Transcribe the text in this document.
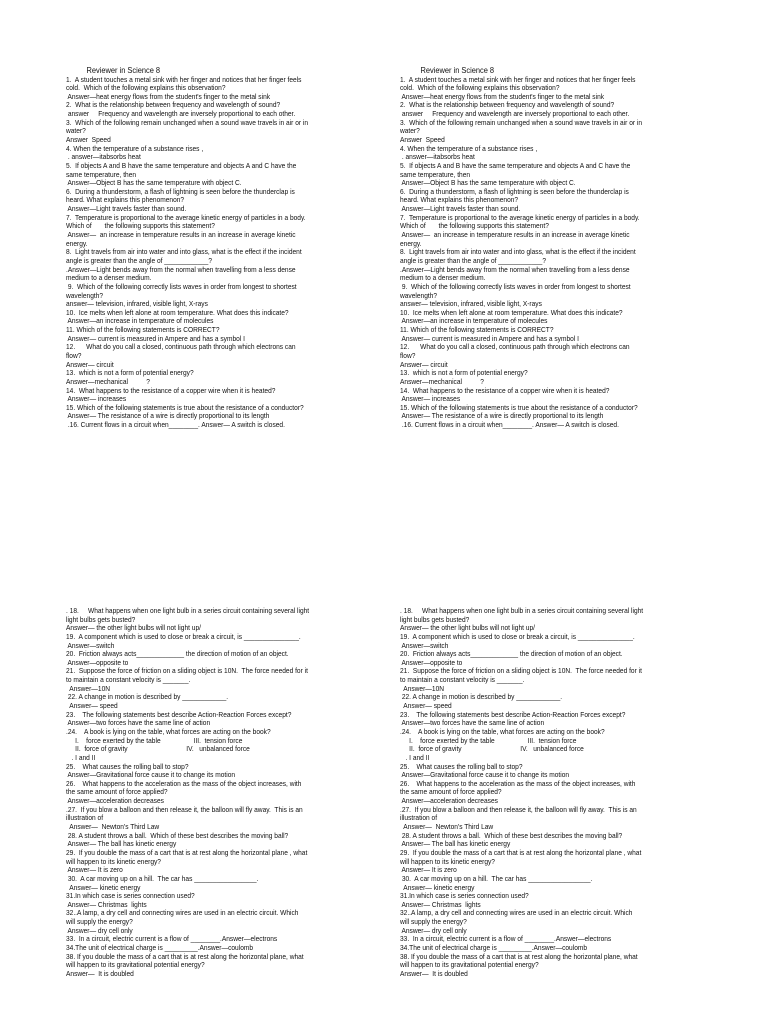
Reviewer in Science 8
1.  A student touches a metal sink with her finger and notices that her finger feels
cold.  Which of the following explains this observation?
Answer—heat energy flows from the student's finger to the metal sink
2.  What is the relationship between frequency and wavelength of sound?
answer     Frequency and wavelength are inversely proportional to each other.
3.  Which of the following remain unchanged when a sound wave travels in air or in
water?
Answer  Speed
4. When the temperature of a substance rises ,
. answer—itabsorbs heat
5.  If objects A and B have the same temperature and objects A and C have the
same temperature, then
Answer—Object B has the same temperature with object C.
6.  During a thunderstorm, a flash of lightning is seen before the thunderclap is
heard. What explains this phenomenon?
Answer—Light travels faster than sound.
7.  Temperature is proportional to the average kinetic energy of particles in a body.
Which of       the following supports this statement?
Answer—  an increase in temperature results in an increase in average kinetic
energy.
8.  Light travels from air into water and into glass, what is the effect if the incident
angle is greater than the angle of ____________?
.Answer—Light bends away from the normal when travelling from a less dense
medium to a denser medium.
9.  Which of the following correctly lists waves in order from longest to shortest
wavelength?
answer— television, infrared, visible light, X-rays
10.  Ice melts when left alone at room temperature. What does this indicate?
Answer—an increase in temperature of molecules
11. Which of the following statements is CORRECT?
Answer— current is measured in Ampere and has a symbol I
12.      What do you call a closed, continuous path through which electrons can
flow?
Answer— circuit
13.  which is not a form of potential energy?
Answer—mechanical          ?
14.  What happens to the resistance of a copper wire when it is heated?
Answer— increases
15. Which of the following statements is true about the resistance of a conductor?
Answer— The resistance of a wire is directly proportional to its length
.16. Current flows in a circuit when________. Answer— A switch is closed.
Reviewer in Science 8
1.  A student touches a metal sink with her finger and notices that her finger feels
cold.  Which of the following explains this observation?
Answer—heat energy flows from the student's finger to the metal sink
2.  What is the relationship between frequency and wavelength of sound?
answer     Frequency and wavelength are inversely proportional to each other.
3.  Which of the following remain unchanged when a sound wave travels in air or in
water?
Answer  Speed
4. When the temperature of a substance rises ,
. answer—itabsorbs heat
5.  If objects A and B have the same temperature and objects A and C have the
same temperature, then
Answer—Object B has the same temperature with object C.
6.  During a thunderstorm, a flash of lightning is seen before the thunderclap is
heard. What explains this phenomenon?
Answer—Light travels faster than sound.
7.  Temperature is proportional to the average kinetic energy of particles in a body.
Which of       the following supports this statement?
Answer—  an increase in temperature results in an increase in average kinetic
energy.
8.  Light travels from air into water and into glass, what is the effect if the incident
angle is greater than the angle of ____________?
.Answer—Light bends away from the normal when travelling from a less dense
medium to a denser medium.
9.  Which of the following correctly lists waves in order from longest to shortest
wavelength?
answer— television, infrared, visible light, X-rays
10.  Ice melts when left alone at room temperature. What does this indicate?
Answer—an increase in temperature of molecules
11. Which of the following statements is CORRECT?
Answer— current is measured in Ampere and has a symbol I
12.      What do you call a closed, continuous path through which electrons can
flow?
Answer— circuit
13.  which is not a form of potential energy?
Answer—mechanical          ?
14.  What happens to the resistance of a copper wire when it is heated?
Answer— increases
15. Which of the following statements is true about the resistance of a conductor?
Answer— The resistance of a wire is directly proportional to its length
.16. Current flows in a circuit when________. Answer— A switch is closed.
. 18.     What happens when one light bulb in a series circuit containing several light
light bulbs gets busted?
Answer— the other light bulbs will not light up/
19.  A component which is used to close or break a circuit, is _______________.
Answer—switch
20.  Friction always acts_____________ the direction of motion of an object.
Answer—opposite to
21.  Suppose the force of friction on a sliding object is 10N.  The force needed for it
to maintain a constant velocity is _______.
Answer—10N
22. A change in motion is described by ____________.
Answer— speed
23.    The following statements best describe Action-Reaction Forces except?
Answer—two forces have the same line of action
.24.    A book is lying on the table, what forces are acting on the book?
I.    force exerted by the table                  III.  tension force
II.  force of gravity                                IV.   unbalanced force
. I and II
25.    What causes the rolling ball to stop?
Answer—Gravitational force cause it to change its motion
26.    What happens to the acceleration as the mass of the object increases, with
the same amount of force applied?
Answer—acceleration decreases
.27.  If you blow a balloon and then release it, the balloon will fly away.  This is an
illustration of
Answer—  Newton's Third Law
28. A student throws a ball.  Which of these best describes the moving ball?
Answer— The ball has kinetic energy
29.  If you double the mass of a cart that is at rest along the horizontal plane , what
will happen to its kinetic energy?
Answer— It is zero
30.  A car moving up on a hill.  The car has _________________.
Answer— kinetic energy
31.In which case is series connection used?
Answer— Christmas  lights
32..A lamp, a dry cell and connecting wires are used in an electric circuit. Which
will supply the energy?
Answer— dry cell only
33.  In a circuit, electric current is a flow of ________.Answer—electrons
34.The unit of electrical charge is _________.Answer—coulomb
38. If you double the mass of a cart that is at rest along the horizontal plane, what
will happen to its gravitational potential energy?
Answer—  It is doubled
. 18.     What happens when one light bulb in a series circuit containing several light
light bulbs gets busted?
Answer— the other light bulbs will not light up/
19.  A component which is used to close or break a circuit, is _______________.
Answer—switch
20.  Friction always acts_____________ the direction of motion of an object.
Answer—opposite to
21.  Suppose the force of friction on a sliding object is 10N.  The force needed for it
to maintain a constant velocity is _______.
Answer—10N
22. A change in motion is described by ____________.
Answer— speed
23.    The following statements best describe Action-Reaction Forces except?
Answer—two forces have the same line of action
.24.    A book is lying on the table, what forces are acting on the book?
I.    force exerted by the table                  III.  tension force
II.  force of gravity                                IV.   unbalanced force
. I and II
25.    What causes the rolling ball to stop?
Answer—Gravitational force cause it to change its motion
26.    What happens to the acceleration as the mass of the object increases, with
the same amount of force applied?
Answer—acceleration decreases
.27.  If you blow a balloon and then release it, the balloon will fly away.  This is an
illustration of
Answer—  Newton's Third Law
28. A student throws a ball.  Which of these best describes the moving ball?
Answer— The ball has kinetic energy
29.  If you double the mass of a cart that is at rest along the horizontal plane , what
will happen to its kinetic energy?
Answer— It is zero
30.  A car moving up on a hill.  The car has _________________.
Answer— kinetic energy
31.In which case is series connection used?
Answer— Christmas  lights
32..A lamp, a dry cell and connecting wires are used in an electric circuit. Which
will supply the energy?
Answer— dry cell only
33.  In a circuit, electric current is a flow of ________.Answer—electrons
34.The unit of electrical charge is _________.Answer—coulomb
38. If you double the mass of a cart that is at rest along the horizontal plane, what
will happen to its gravitational potential energy?
Answer—  It is doubled
